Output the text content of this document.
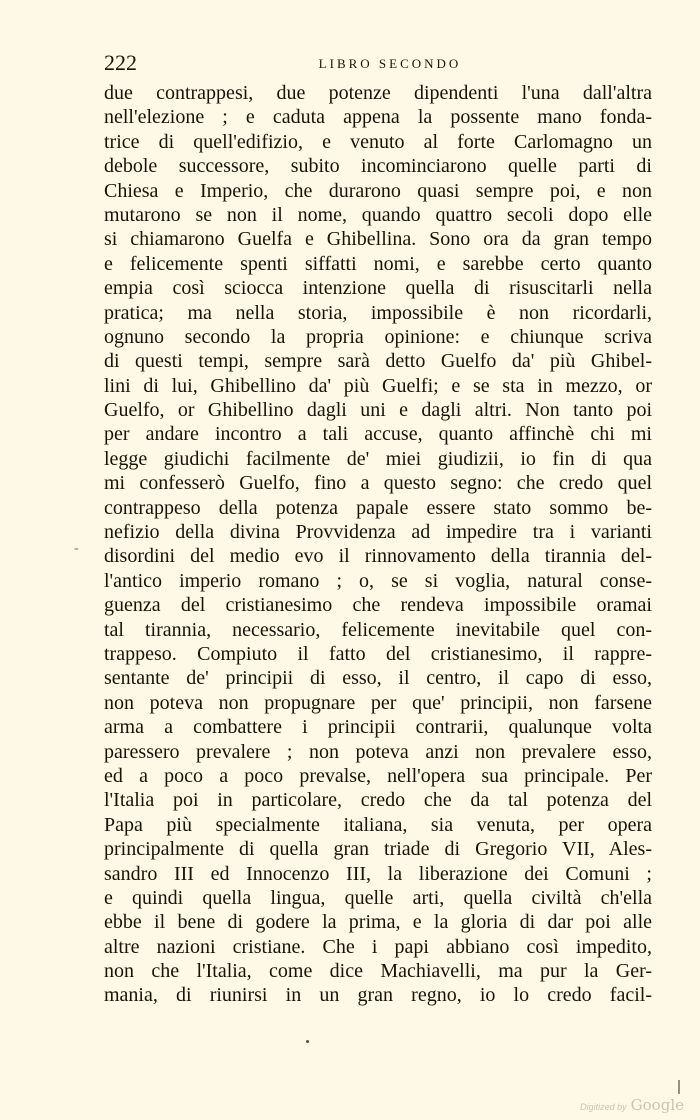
222	LIBRO SECONDO
-
due contrappesi, due potenze dipendenti l'una dall'altra
nell'elezione ; e caduta appena la possente mano fonda-
trice di quell'edifizio, e venuto al forte Carlomagno un
debole successore, subito incominciarono quelle parti di
Chiesa e Imperio, che durarono quasi sempre poi, e non
mutarono se non il nome, quando quattro secoli dopo elle
si chiamarono Guelfa e Ghibellina. Sono ora da gran tempo
e felicemente spenti siffatti nomi, e sarebbe certo quanto
empia così sciocca intenzione quella di risuscitarli nella
pratica; ma nella storia, impossibile è non ricordarli,
ognuno secondo la propria opinione: e chiunque scriva
di questi tempi, sempre sarà detto Guelfo da' più Ghibel-
lini di lui, Ghibellino da' più Guelfi; e se sta in mezzo, or
Guelfo, or Ghibellino dagli uni e dagli altri. Non tanto poi
per andare incontro a tali accuse, quanto affinchè chi mi
legge giudichi facilmente de' miei giudizii, io fin di qua
mi confesserò Guelfo, fino a questo segno: che credo quel
contrappeso della potenza papale essere stato sommo be-
nefizio della divina Provvidenza ad impedire tra i varianti
disordini del medio evo il rinnovamento della tirannia del-
l'antico imperio romano ; o, se si voglia, natural conse-
guenza del cristianesimo che rendeva impossibile oramai
tal tirannia, necessario, felicemente inevitabile quel con-
trappeso. Compiuto il fatto del cristianesimo, il rappre-
sentante de' principii di esso, il centro, il capo di esso,
non poteva non propugnare per que' principii, non farsene
arma a combattere i principii contrarii, qualunque volta
paressero prevalere ; non poteva anzi non prevalere esso,
ed a poco a poco prevalse, nell'opera sua principale. Per
l'Italia poi in particolare, credo che da tal potenza del
Papa più specialmente italiana, sia venuta, per opera
principalmente di quella gran triade di Gregorio VII, Ales-
sandro III ed Innocenzo III, la liberazione dei Comuni ;
e quindi quella lingua, quelle arti, quella civiltà ch'ella
ebbe il bene di godere la prima, e la gloria di dar poi alle
altre nazioni cristiane. Che i papi abbiano così impedito,
non che l'Italia, come dice Machiavelli, ma pur la Ger-
mania, di riunirsi in un gran regno, io lo credo facil-
Digitized by Google
